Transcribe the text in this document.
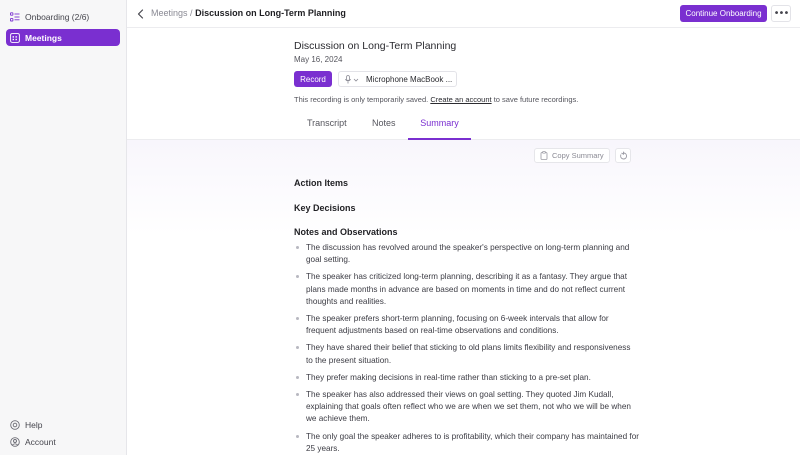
Onboarding (2/6)
Meetings
Help
Account
Meetings / Discussion on Long-Term Planning	Continue Onboarding	•••
Discussion on Long-Term Planning
May 16, 2024
Record	Microphone MacBook ...
This recording is only temporarily saved. Create an account to save future recordings.
Transcript	Notes	Summary
Copy Summary
Action Items
Key Decisions
Notes and Observations
The discussion has revolved around the speaker's perspective on long-term planning and goal setting.
The speaker has criticized long-term planning, describing it as a fantasy. They argue that plans made months in advance are based on moments in time and do not reflect current thoughts and realities.
The speaker prefers short-term planning, focusing on 6-week intervals that allow for frequent adjustments based on real-time observations and conditions.
They have shared their belief that sticking to old plans limits flexibility and responsiveness to the present situation.
They prefer making decisions in real-time rather than sticking to a pre-set plan.
The speaker has also addressed their views on goal setting. They quoted Jim Kudall, explaining that goals often reflect who we are when we set them, not who we will be when we achieve them.
The only goal the speaker adheres to is profitability, which their company has maintained for 25 years.
